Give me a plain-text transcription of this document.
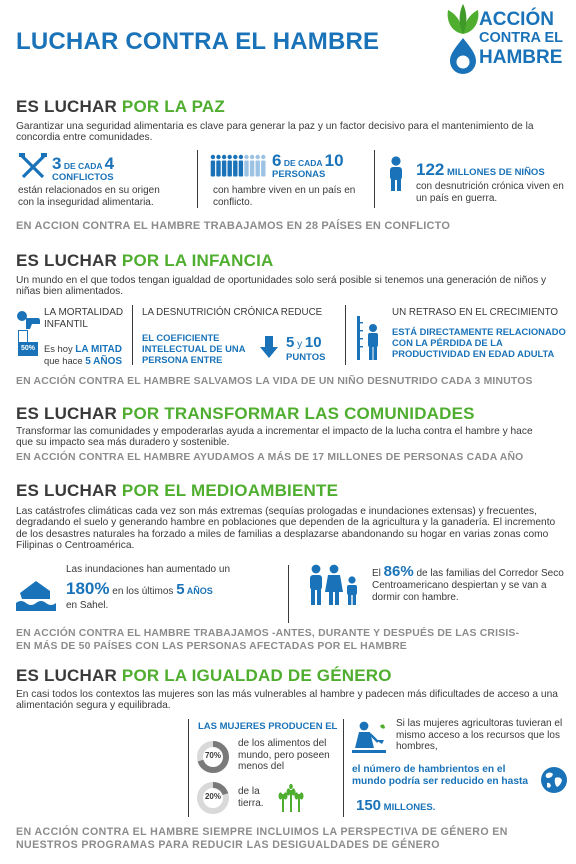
LUCHAR CONTRA EL HAMBRE
ACCIÓN
CONTRA EL
HAMBRE
ES LUCHAR POR LA PAZ
Garantizar una seguridad alimentaria es clave para generar la paz y un factor decisivo para el mantenimiento de la concordia entre comunidades.
3 DE CADA 4
CONFLICTOS
están relacionados en su origen con la inseguridad alimentaria.
6 DE CADA 10
PERSONAS
con hambre viven en un país en conflicto.
122 MILLONES DE NIÑOS
con desnutrición crónica viven en un país en guerra.
EN ACCION CONTRA EL HAMBRE TRABAJAMOS EN 28 PAÍSES EN CONFLICTO
ES LUCHAR POR LA INFANCIA
Un mundo en el que todos tengan igualdad de oportunidades solo será posible si tenemos una generación de niños y niñas bien alimentados.
LA MORTALIDAD
INFANTIL
50% Es hoy LA MITAD
que hace 5 AÑOS
LA DESNUTRICIÓN CRÓNICA REDUCE
EL COEFICIENTE INTELECTUAL DE UNA PERSONA ENTRE
5 y 10
PUNTOS
UN RETRASO EN EL CRECIMIENTO
ESTÁ DIRECTAMENTE RELACIONADO CON LA PÉRDIDA DE LA PRODUCTIVIDAD EN EDAD ADULTA
EN ACCIÓN CONTRA EL HAMBRE SALVAMOS LA VIDA DE UN NIÑO DESNUTRIDO CADA 3 MINUTOS
ES LUCHAR POR TRANSFORMAR LAS COMUNIDADES
Transformar las comunidades y empoderarlas ayuda a incrementar el impacto de la lucha contra el hambre y hace que su impacto sea más duradero y sostenible.
EN ACCIÓN CONTRA EL HAMBRE AYUDAMOS A MÁS DE 17 MILLONES DE PERSONAS CADA AÑO
ES LUCHAR POR EL MEDIOAMBIENTE
Las catástrofes climáticas cada vez son más extremas (sequías prologadas e inundaciones extensas) y frecuentes, degradando el suelo y generando hambre en poblaciones que dependen de la agricultura y la ganadería. El incremento de los desastres naturales ha forzado a miles de familias a desplazarse abandonando su hogar en varias zonas como Filipinas o Centroamérica.
Las inundaciones han aumentado un
180% en los últimos 5 AÑOS
en Sahel.
El 86% de las familias del Corredor Seco Centroamericano despiertan y se van a dormir con hambre.
EN ACCIÓN CONTRA EL HAMBRE TRABAJAMOS -ANTES, DURANTE Y DESPUÉS DE LAS CRISIS-
EN MÁS DE 50 PAÍSES CON LAS PERSONAS AFECTADAS POR EL HAMBRE
ES LUCHAR POR LA IGUALDAD DE GÉNERO
En casi todos los contextos las mujeres son las más vulnerables al hambre y padecen más dificultades de acceso a una alimentación segura y equilibrada.
LAS MUJERES PRODUCEN EL
70%
de los alimentos del mundo, pero poseen menos del
20%	de la tierra.
Si las mujeres agricultoras tuvieran el mismo acceso a los recursos que los hombres,
el número de hambrientos en el mundo podría ser reducido en hasta
150 MILLONES.
EN ACCIÓN CONTRA EL HAMBRE SIEMPRE INCLUIMOS LA PERSPECTIVA DE GÉNERO EN
NUESTROS PROGRAMAS PARA REDUCIR LAS DESIGUALDADES DE GÉNERO
